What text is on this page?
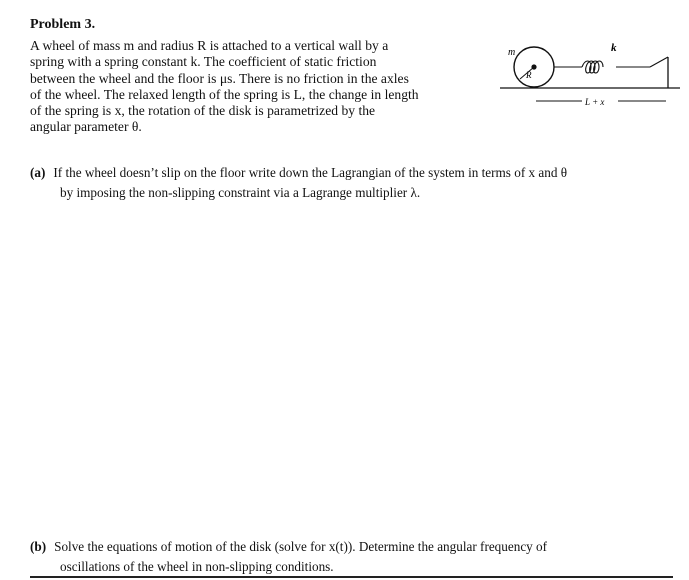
Problem 3.
A wheel of mass m and radius R is attached to a vertical wall by a
spring with a spring constant k. The coefficient of static friction
between the wheel and the floor is μs. There is no friction in the axles
of the wheel. The relaxed length of the spring is L, the change in length
of the spring is x, the rotation of the disk is parametrized by the
angular parameter θ.
m
R
k
L + x
(a) If the wheel doesn’t slip on the floor write down the Lagrangian of the system in terms of x and θ
by imposing the non-slipping constraint via a Lagrange multiplier λ.
(b) Solve the equations of motion of the disk (solve for x(t)). Determine the angular frequency of
oscillations of the wheel in non-slipping conditions.
